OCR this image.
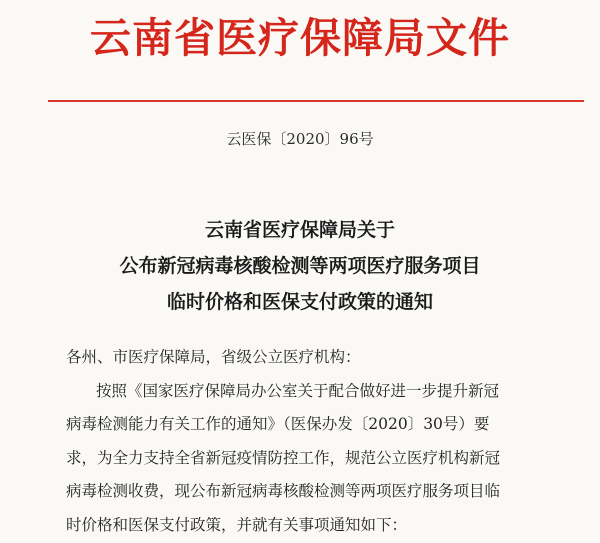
云南省医疗保障局文件
云医保〔2020〕96号
云南省医疗保障局关于
公布新冠病毒核酸检测等两项医疗服务项目
临时价格和医保支付政策的通知

各州、市医疗保障局，省级公立医疗机构：

按照《国家医疗保障局办公室关于配合做好进一步提升新冠
病毒检测能力有关工作的通知》（医保办发〔2020〕30号）要
求，为全力支持全省新冠疫情防控工作，规范公立医疗机构新冠
病毒检测收费，现公布新冠病毒核酸检测等两项医疗服务项目临
时价格和医保支付政策，并就有关事项通知如下：
